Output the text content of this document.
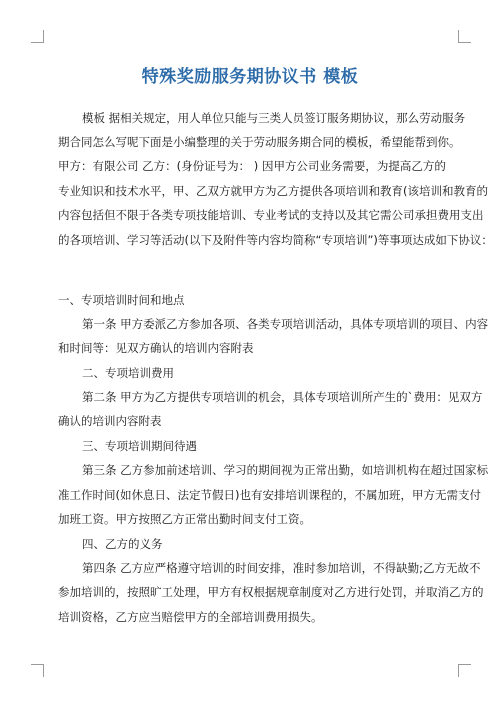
特殊奖励服务期协议书 模板
模板 据相关规定，用人单位只能与三类人员签订服务期协议，那么劳动服务
期合同怎么写呢下面是小编整理的关于劳动服务期合同的模板，希望能帮到你。
甲方：有限公司 乙方：(身份证号为： ) 因甲方公司业务需要，为提高乙方的
专业知识和技术水平，甲、乙双方就甲方为乙方提供各项培训和教育(该培训和教育的
内容包括但不限于各类专项技能培训、专业考试的支持以及其它需公司承担费用支出
的各项培训、学习等活动(以下及附件等内容均简称“专项培训”)等事项达成如下协议：
一、专项培训时间和地点
第一条 甲方委派乙方参加各项、各类专项培训活动，具体专项培训的项目、内容
和时间等：见双方确认的培训内容附表
二、专项培训费用
第二条 甲方为乙方提供专项培训的机会，具体专项培训所产生的`费用：见双方
确认的培训内容附表
三、专项培训期间待遇
第三条 乙方参加前述培训、学习的期间视为正常出勤，如培训机构在超过国家标
准工作时间(如休息日、法定节假日)也有安排培训课程的，不属加班，甲方无需支付
加班工资。甲方按照乙方正常出勤时间支付工资。
四、乙方的义务
第四条 乙方应严格遵守培训的时间安排，准时参加培训，不得缺勤;乙方无故不
参加培训的，按照旷工处理，甲方有权根据规章制度对乙方进行处罚，并取消乙方的
培训资格，乙方应当赔偿甲方的全部培训费用损失。
